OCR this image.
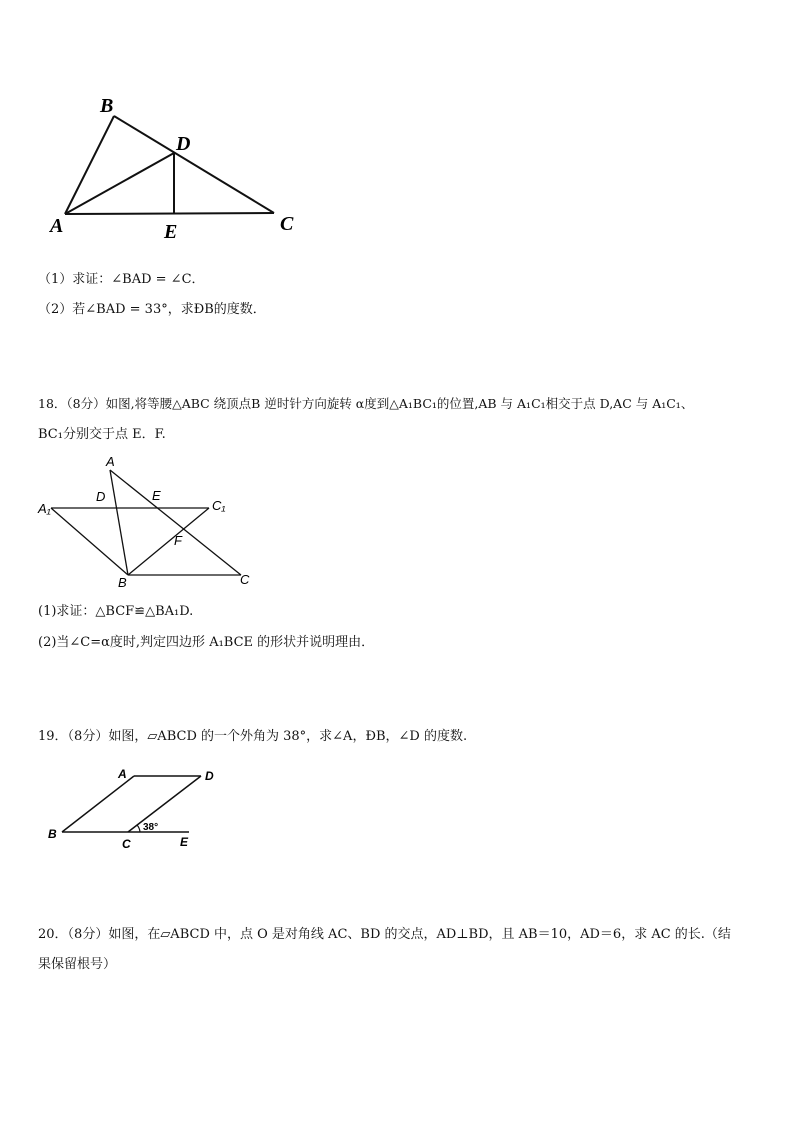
B
D
A	E	C
（1）求证：∠BAD = ∠C．
（2）若∠BAD = 33°，求ÐB的度数．
18．（8分）如图,将等腰△ABC 绕顶点B 逆时针方向旋转 α度到△A₁BC₁的位置,AB 与 A₁C₁相交于点 D,AC 与 A₁C₁、
BC₁分别交于点 E．F.
A
A₁
D	E
C₁
F
B	C
(1)求证：△BCF≌△BA₁D.
(2)当∠C=α度时,判定四边形 A₁BCE 的形状并说明理由．
19．（8分）如图，▱ABCD 的一个外角为 38°，求∠A，ÐB，∠D 的度数.
A	D
B
C	E
38°
20．（8分）如图，在▱ABCD 中，点 O 是对角线 AC、BD 的交点，AD⊥BD，且 AB＝10，AD＝6，求 AC 的长.（结
果保留根号）
